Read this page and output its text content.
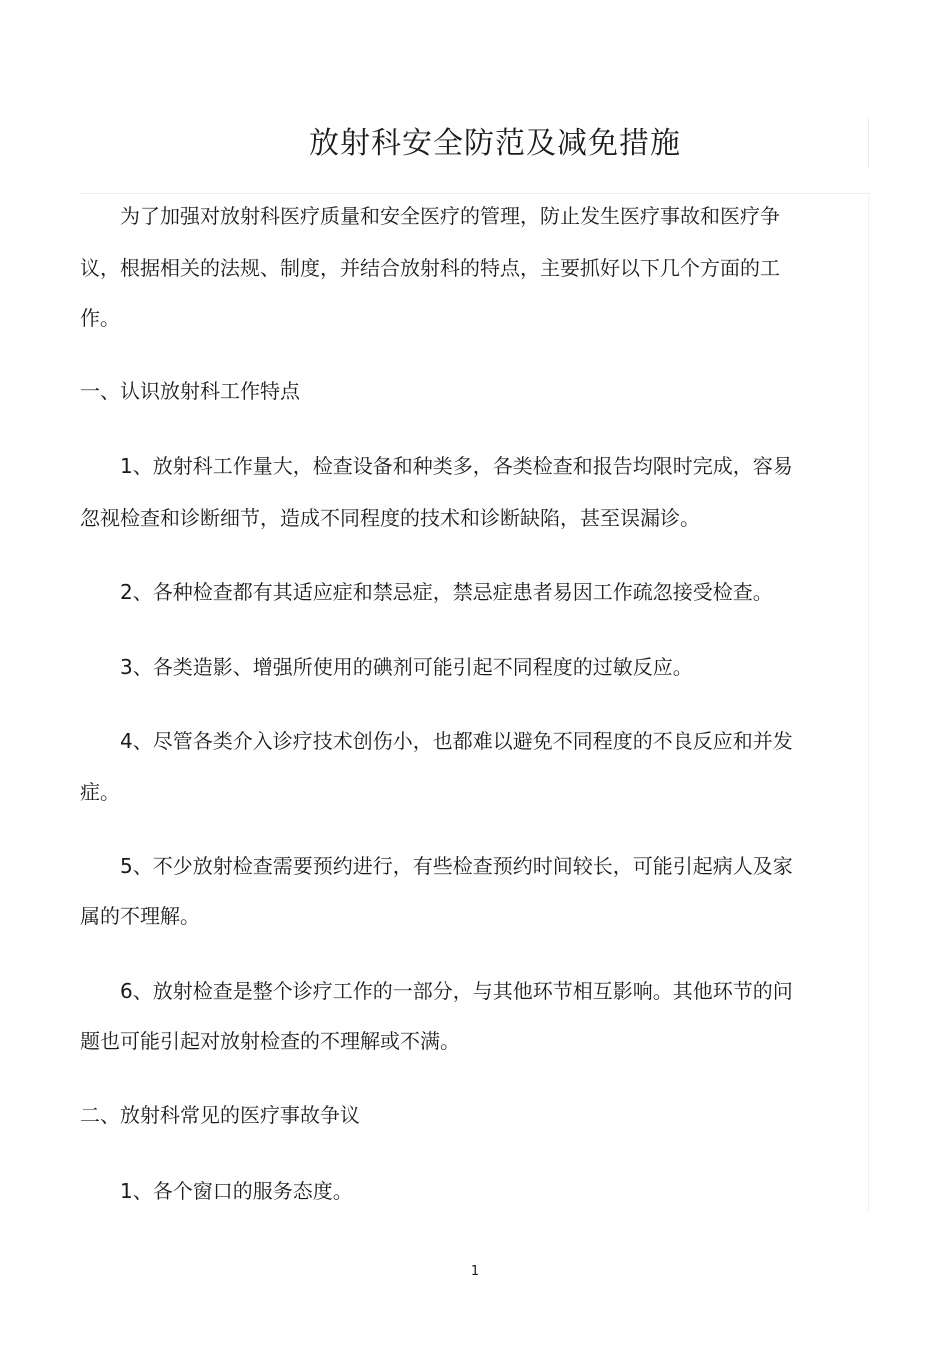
放射科安全防范及减免措施

为了加强对放射科医疗质量和安全医疗的管理，防止发生医疗事故和医疗争

议，根据相关的法规、制度，并结合放射科的特点，主要抓好以下几个方面的工

作。

一、认识放射科工作特点

1、放射科工作量大，检查设备和种类多，各类检查和报告均限时完成，容易

忽视检查和诊断细节，造成不同程度的技术和诊断缺陷，甚至误漏诊。

2、各种检查都有其适应症和禁忌症，禁忌症患者易因工作疏忽接受检查。

3、各类造影、增强所使用的碘剂可能引起不同程度的过敏反应。

4、尽管各类介入诊疗技术创伤小，也都难以避免不同程度的不良反应和并发

症。

5、不少放射检查需要预约进行，有些检查预约时间较长，可能引起病人及家

属的不理解。

6、放射检查是整个诊疗工作的一部分，与其他环节相互影响。其他环节的问

题也可能引起对放射检查的不理解或不满。

二、放射科常见的医疗事故争议

1、各个窗口的服务态度。

1
